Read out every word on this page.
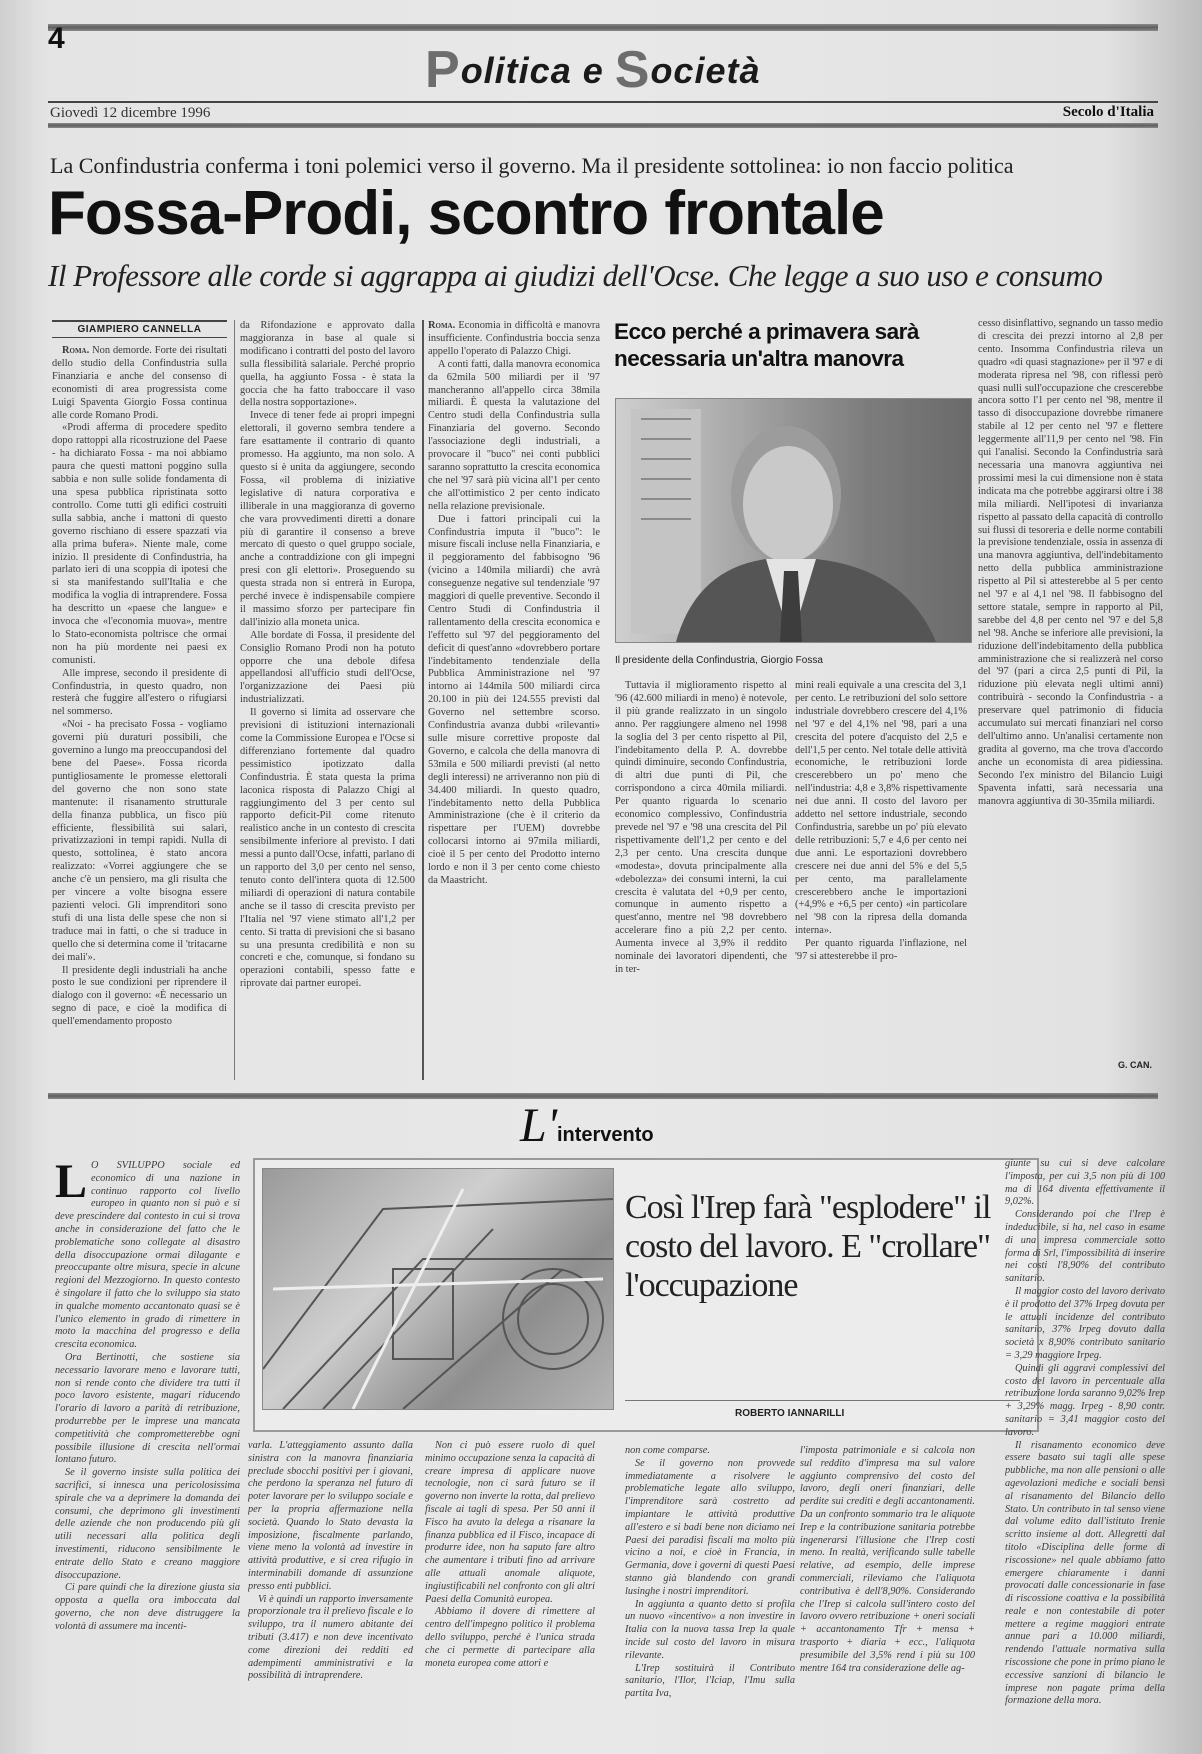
4
Politica e Società
Giovedì 12 dicembre 1996	Secolo d'Italia
La Confindustria conferma i toni polemici verso il governo. Ma il presidente sottolinea: io non faccio politica
Fossa-Prodi, scontro frontale
Il Professore alle corde si aggrappa ai giudizi dell'Ocse. Che legge a suo uso e consumo
GIAMPIERO CANNELLA

Roma. Non demorde. Forte dei risultati dello studio della Confindustria sulla Finanziaria e anche del consenso di economisti di area progressista come Luigi Spaventa Giorgio Fossa continua alle corde Romano Prodi.

«Prodi afferma di procedere spedito dopo rattoppi alla ricostruzione del Paese - ha dichiarato Fossa - ma noi abbiamo paura che questi mattoni poggino sulla sabbia e non sulle solide fondamenta di una spesa pubblica ripristinata sotto controllo. Come tutti gli edifici costruiti sulla sabbia, anche i mattoni di questo governo rischiano di essere spazzati via alla prima bufera». Niente male, come inizio. Il presidente di Confindustria, ha parlato ieri di una scoppia di ipotesi che si sta manifestando sull'Italia e che modifica la voglia di intraprendere. Fossa ha descritto un «paese che langue» e invoca che «l'economia muova», mentre lo Stato-economista poltrisce che ormai non ha più mordente nei paesi ex comunisti.

Alle imprese, secondo il presidente di Confindustria, in questo quadro, non resterà che fuggire all'estero o rifugiarsi nel sommerso.

«Noi - ha precisato Fossa - vogliamo governi più duraturi possibili, che governino a lungo ma preoccupandosi del bene del Paese». Fossa ricorda puntigliosamente le promesse elettorali del governo che non sono state mantenute: il risanamento strutturale della finanza pubblica, un fisco più efficiente, flessibilità sui salari, privatizzazioni in tempi rapidi. Nulla di questo, sottolinea, è stato ancora realizzato: «Vorrei aggiungere che se anche c'è un pensiero, ma gli risulta che per vincere a volte bisogna essere pazienti veloci. Gli imprenditori sono stufi di una lista delle spese che non si traduce mai in fatti, o che si traduce in quello che si determina come il 'tritacarne dei mali'».

Il presidente degli industriali ha anche posto le sue condizioni per riprendere il dialogo con il governo: «È necessario un segno di pace, e cioè la modifica di quell'emendamento proposto

da Rifondazione e approvato dalla maggioranza in base al quale si modificano i contratti del posto del lavoro sulla flessibilità salariale. Perché proprio quella, ha aggiunto Fossa - è stata la goccia che ha fatto traboccare il vaso della nostra sopportazione».

Invece di tener fede ai propri impegni elettorali, il governo sembra tendere a fare esattamente il contrario di quanto promesso. Ha aggiunto, ma non solo. A questo si è unita da aggiungere, secondo Fossa, «il problema di iniziative legislative di natura corporativa e illiberale in una maggioranza di governo che vara provvedimenti diretti a donare più di garantire il consenso a breve mercato di questo o quel gruppo sociale, anche a contraddizione con gli impegni presi con gli elettori». Proseguendo su questa strada non si entrerà in Europa, perché invece è indispensabile compiere il massimo sforzo per partecipare fin dall'inizio alla moneta unica.

Alle bordate di Fossa, il presidente del Consiglio Romano Prodi non ha potuto opporre che una debole difesa appellandosi all'ufficio studi dell'Ocse, l'organizzazione dei Paesi più industrializzati.

Il governo si limita ad osservare che previsioni di istituzioni internazionali come la Commissione Europea e l'Ocse si differenziano fortemente dal quadro pessimistico ipotizzato dalla Confindustria. È stata questa la prima laconica risposta di Palazzo Chigi al raggiungimento del 3 per cento sul rapporto deficit-Pil come ritenuto realistico anche in un contesto di crescita sensibilmente inferiore al previsto. I dati messi a punto dall'Ocse, infatti, parlano di un rapporto del 3,0 per cento nel senso, tenuto conto dell'intera quota di 12.500 miliardi di operazioni di natura contabile anche se il tasso di crescita previsto per l'Italia nel '97 viene stimato all'1,2 per cento. Si tratta di previsioni che si basano su una presunta credibilità e non su concreti e che, comunque, si fondano su operazioni contabili, spesso fatte e riprovate dai partner europei.

Roma. Economia in difficoltà e manovra insufficiente. Confindustria boccia senza appello l'operato di Palazzo Chigi.

A conti fatti, dalla manovra economica da 62mila 500 miliardi per il '97 mancheranno all'appello circa 38mila miliardi. È questa la valutazione del Centro studi della Confindustria sulla Finanziaria del governo. Secondo l'associazione degli industriali, a provocare il "buco" nei conti pubblici saranno soprattutto la crescita economica che nel '97 sarà più vicina all'1 per cento che all'ottimistico 2 per cento indicato nella relazione previsionale.

Due i fattori principali cui la Confindustria imputa il "buco": le misure fiscali incluse nella Finanziaria, e il peggioramento del fabbisogno '96 (vicino a 140mila miliardi) che avrà conseguenze negative sul tendenziale '97 maggiori di quelle preventive. Secondo il Centro Studi di Confindustria il rallentamento della crescita economica e l'effetto sul '97 del peggioramento del deficit di quest'anno «dovrebbero portare l'indebitamento tendenziale della Pubblica Amministrazione nel '97 intorno ai 144mila 500 miliardi circa 20.100 in più dei 124.555 previsti dal Governo nel settembre scorso. Confindustria avanza dubbi «rilevanti» sulle misure correttive proposte dal Governo, e calcola che della manovra di 53mila e 500 miliardi previsti (al netto degli interessi) ne arriveranno non più di 34.400 miliardi. In questo quadro, l'indebitamento netto della Pubblica Amministrazione (che è il criterio da rispettare per l'UEM) dovrebbe collocarsi intorno ai 97mila miliardi, cioè il 5 per cento del Prodotto interno lordo e non il 3 per cento come chiesto da Maastricht.

Ecco perché a primavera sarà necessaria un'altra manovra
Il presidente della Confindustria, Giorgio Fossa

Tuttavia il miglioramento rispetto al '96 (42.600 miliardi in meno) è notevole, il più grande realizzato in un singolo anno. Per raggiungere almeno nel 1998 la soglia del 3 per cento rispetto al Pil, l'indebitamento della P. A. dovrebbe quindi diminuire, secondo Confindustria, di altri due punti di Pil, che corrispondono a circa 40mila miliardi. Per quanto riguarda lo scenario economico complessivo, Confindustria prevede nel '97 e '98 una crescita del Pil rispettivamente dell'1,2 per cento e del 2,3 per cento. Una crescita dunque «modesta», dovuta principalmente alla «debolezza» dei consumi interni, la cui crescita è valutata del +0,9 per cento, comunque in aumento rispetto a quest'anno, mentre nel '98 dovrebbero accelerare fino a più 2,2 per cento. Aumenta invece al 3,9% il reddito nominale dei lavoratori dipendenti, che in ter-

mini reali equivale a una crescita del 3,1 per cento. Le retribuzioni del solo settore industriale dovrebbero crescere del 4,1% nel '97 e del 4,1% nel '98, pari a una crescita del potere d'acquisto del 2,5 e dell'1,5 per cento. Nel totale delle attività economiche, le retribuzioni lorde crescerebbero un po' meno che nell'industria: 4,8 e 3,8% rispettivamente nei due anni. Il costo del lavoro per addetto nel settore industriale, secondo Confindustria, sarebbe un po' più elevato delle retribuzioni: 5,7 e 4,6 per cento nei due anni. Le esportazioni dovrebbero crescere nei due anni del 5% e del 5,5 per cento, ma parallelamente crescerebbero anche le importazioni (+4,9% e +6,5 per cento) «in particolare nel '98 con la ripresa della domanda interna».

Per quanto riguarda l'inflazione, nel '97 si attesterebbe il pro-

cesso disinflattivo, segnando un tasso medio di crescita dei prezzi intorno al 2,8 per cento. Insomma Confindustria rileva un quadro «di quasi stagnazione» per il '97 e di moderata ripresa nel '98, con riflessi però quasi nulli sull'occupazione che crescerebbe ancora sotto l'1 per cento nel '98, mentre il tasso di disoccupazione dovrebbe rimanere stabile al 12 per cento nel '97 e flettere leggermente all'11,9 per cento nel '98. Fin qui l'analisi. Secondo la Confindustria sarà necessaria una manovra aggiuntiva nei prossimi mesi la cui dimensione non è stata indicata ma che potrebbe aggirarsi oltre i 38 mila miliardi. Nell'ipotesi di invarianza rispetto al passato della capacità di controllo sui flussi di tesoreria e delle norme contabili la previsione tendenziale, ossia in assenza di una manovra aggiuntiva, dell'indebitamento netto della pubblica amministrazione rispetto al Pil si attesterebbe al 5 per cento nel '97 e al 4,1 nel '98. Il fabbisogno del settore statale, sempre in rapporto al Pil, sarebbe del 4,8 per cento nel '97 e del 5,8 nel '98. Anche se inferiore alle previsioni, la riduzione dell'indebitamento della pubblica amministrazione che si realizzerà nel corso del '97 (pari a circa 2,5 punti di Pil, la riduzione più elevata negli ultimi anni) contribuirà - secondo la Confindustria - a preservare quel patrimonio di fiducia accumulato sui mercati finanziari nel corso dell'ultimo anno. Un'analisi certamente non gradita al governo, ma che trova d'accordo anche un economista di area pidiessina. Secondo l'ex ministro del Bilancio Luigi Spaventa infatti, sarà necessaria una manovra aggiuntiva di 30-35mila miliardi.

G. CAN.
L'intervento

L O SVILUPPO sociale ed economico di una nazione in continuo rapporto col livello europeo in quanto non si può e si deve prescindere dal contesto in cui si trova anche in considerazione del fatto che le problematiche sono collegate al disastro della disoccupazione ormai dilagante e preoccupante oltre misura, specie in alcune regioni del Mezzogiorno. In questo contesto è singolare il fatto che lo sviluppo sia stato in qualche momento accantonato quasi se è l'unico elemento in grado di rimettere in moto la macchina del progresso e della crescita economica.

Ora Bertinotti, che sostiene sia necessario lavorare meno e lavorare tutti, non si rende conto che dividere tra tutti il poco lavoro esistente, magari riducendo l'orario di lavoro a parità di retribuzione, produrrebbe per le imprese una mancata competitività che comprometterebbe ogni possibile illusione di crescita nell'ormai lontano futuro.

Se il governo insiste sulla politica dei sacrifici, si innesca una pericolosissima spirale che va a deprimere la domanda dei consumi, che deprimono gli investimenti delle aziende che non producendo più gli utili necessari alla politica degli investimenti, riducono sensibilmente le entrate dello Stato e creano maggiore disoccupazione.

Ci pare quindi che la direzione giusta sia opposta a quella ora imboccata dal governo, che non deve distruggere la volontà di assumere ma incenti-

Così l'Irep farà "esplodere" il costo del lavoro. E "crollare" l'occupazione
ROBERTO IANNARILLI

varla. L'atteggiamento assunto dalla sinistra con la manovra finanziaria preclude sbocchi positivi per i giovani, che perdono la speranza nel futuro di poter lavorare per lo sviluppo sociale e per la propria affermazione nella società. Quando lo Stato devasta la imposizione, fiscalmente parlando, viene meno la volontà ad investire in attività produttive, e si crea rifugio in interminabili domande di assunzione presso enti pubblici.

Vi è quindi un rapporto inversamente proporzionale tra il prelievo fiscale e lo sviluppo, tra il numero abitante dei tributi (3.417) e non deve incentivato come direzioni dei redditi ed adempimenti amministrativi e la possibilità di intraprendere.

Non ci può essere ruolo di quel minimo occupazione senza la capacità di creare impresa di applicare nuove tecnologie, non ci sarà futuro se il governo non inverte la rotta, dal prelievo fiscale ai tagli di spesa. Per 50 anni il Fisco ha avuto la delega a risanare la finanza pubblica ed il Fisco, incapace di produrre idee, non ha saputo fare altro che aumentare i tributi fino ad arrivare alle attuali anomale aliquote, ingiustificabili nel confronto con gli altri Paesi della Comunità europea.

Abbiamo il dovere di rimettere al centro dell'impegno politico il problema dello sviluppo, perché è l'unica strada che ci permette di partecipare alla moneta europea come attori e

non come comparse.

Se il governo non provvede immediatamente a risolvere le problematiche legate allo sviluppo, l'imprenditore sarà costretto ad impiantare le attività produttive all'estero e si badi bene non diciamo nei Paesi dei paradisi fiscali ma molto più vicino a noi, e cioè in Francia, in Germania, dove i governi di questi Paesi stanno già blandendo con grandi lusinghe i nostri imprenditori.

In aggiunta a quanto detto si profila un nuovo «incentivo» a non investire in Italia con la nuova tassa Irep la quale incide sul costo del lavoro in misura rilevante.

L'Irep sostituirà il Contributo sanitario, l'Ilor, l'Iciap, l'Imu sulla partita Iva,

l'imposta patrimoniale e si calcola non sul reddito d'impresa ma sul valore aggiunto comprensivo del costo del lavoro, degli oneri finanziari, delle perdite sui crediti e degli accantonamenti. Da un confronto sommario tra le aliquote Irep e la contribuzione sanitaria potrebbe ingenerarsi l'illusione che l'Irep costi meno. In realtà, verificando sulle tabelle relative, ad esempio, delle imprese commerciali, rileviamo che l'aliquota contributiva è dell'8,90%. Considerando che l'Irep si calcola sull'intero costo del lavoro ovvero retribuzione + oneri sociali + accantonamento Tfr + mensa + trasporto + diaria + ecc., l'aliquota presumibile del 3,5% rend i più su 100 mentre 164 tra considerazione delle ag-

giunte su cui si deve calcolare l'imposta, per cui 3,5 non più di 100 ma di 164 diventa effettivamente il 9,02%.

Considerando poi che l'Irep è indeducibile, si ha, nel caso in esame di una impresa commerciale sotto forma di Srl, l'impossibilità di inserire nei costi l'8,90% del contributo sanitario.

Il maggior costo del lavoro derivato è il prodotto del 37% Irpeg dovuta per le attuali incidenze del contributo sanitario, 37% Irpeg dovuto dalla società x 8,90% contributo sanitario = 3,29 maggiore Irpeg.

Quindi gli aggravi complessivi del costo del lavoro in percentuale alla retribuzione lorda saranno 9,02% Irep + 3,29% magg. Irpeg - 8,90 contr. sanitario = 3,41 maggior costo del lavoro.

Il risanamento economico deve essere basato sui tagli alle spese pubbliche, ma non alle pensioni o alle agevolazioni mediche e sociali bensì al risanamento del Bilancio dello Stato. Un contributo in tal senso viene dal volume edito dall'istituto Irenie scritto insieme al dott. Allegretti dal titolo «Disciplina delle forme di riscossione» nel quale abbiamo fatto emergere chiaramente i danni provocati dalle concessionarie in fase di riscossione coattiva e la possibilità reale e non contestabile di poter mettere a regime maggiori entrate annue pari a 10.000 miliardi, rendendo l'attuale normativa sulla riscossione che pone in primo piano le eccessive sanzioni di bilancio le imprese non pagate prima della formazione della mora.
